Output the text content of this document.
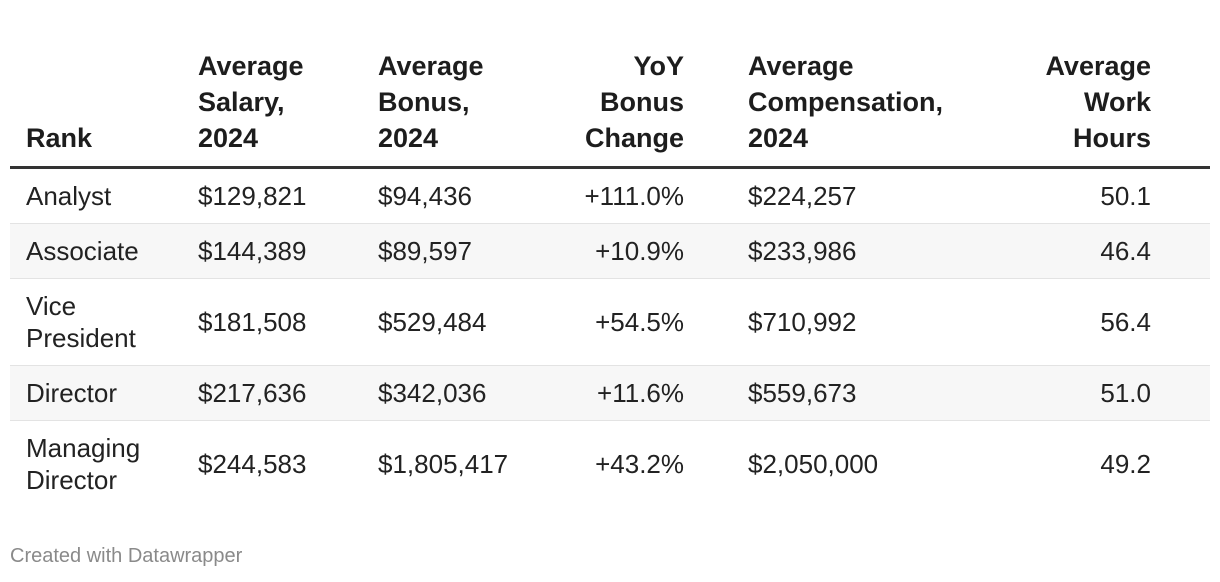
Rank	Average Salary, 2024	Average Bonus, 2024	YoY Bonus Change	Average Compensation, 2024	Average Work Hours

Analyst	$129,821	$94,436	+111.0%	$224,257	50.1
Associate	$144,389	$89,597	+10.9%	$233,986	46.4

Vice President	$181,508	$529,484	+54.5%	$710,992	56.4
Director	$217,636	$342,036	+11.6%	$559,673	51.0

Managing Director	$244,583	$1,805,417	+43.2%	$2,050,000	49.2
Created with Datawrapper
